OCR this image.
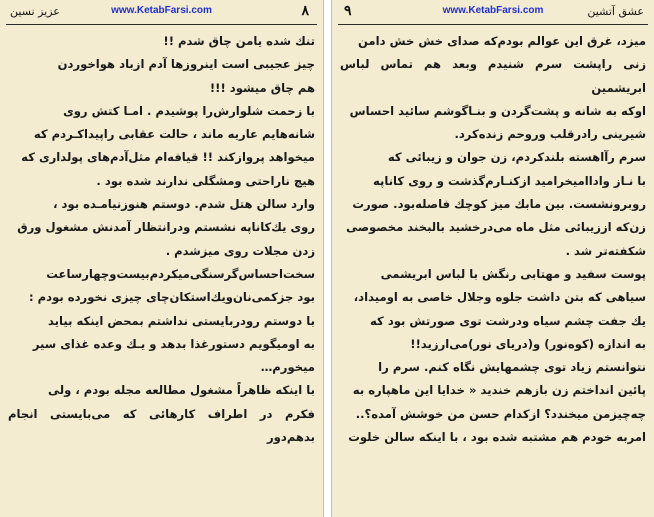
۹	www.KetabFarsi.com	عشق آتشین

میزد، غرق این عوالم بودم‌که صدای خش خش دامن

زنی راپشت سرم شنیدم وبعد هم تماس لباس ابریشمین

اوکه به شانه و پشت‌گردن و بنـاگوشم سائید احساس

شیرینی رادرقلب وروحم زنده‌کرد.

سرم رآاهسته بلندکردم، زن جوان و زیبائی که

با نـاز واداامیخرامید ازکنـارم‌گذشت و روی کاناپه

روبرونشست. بین مابك میز کوچك فاصله‌بود. صورت

زن‌که اززیبائی مثل ماه می‌درخشید بالبخند مخصوصی

شکفته‌تر شد .

پوست سفید و مهتابی رنگش با لباس ابریشمی

سیاهی که بتن داشت جلوه وجلال خاصی به اوميداد،

یك جفت چشم سیاه ودرشت توی صورتش بود که

به اندازه (کوه‌نور) و(دریای نور)می‌ارزید!!

نتوانستم زیاد توی چشمهایش نگاه کنم. سرم را

پائین انداختم زن بازهم خندید « خدایا این ماهپاره به

چه‌چیزمن میخندد؟ ازکدام حسن من خوشش آمده؟..

امربه خودم هم مشتبه شده بود ، با اینکه سالن خلوت

۸
www.KetabFarsi.com
عزیز نسین

تنك شده یامن چاق شدم !!

چیز عجیبی است اینروزها آدم ازباد هواخوردن

هم چاق میشود !!!

با زحمت شلوارش‌را پوشیدم . امـا کتش روی

شانه‌هایم عاریه ماند ، حالت عقابی راپیداکـردم که

میخواهد پروازکند !! قیافه‌ام مثل‌آدم‌های پولداری که

هیچ ناراحتی ومشگلی ندارند شده بود .

وارد سالن هتل شدم. دوستم هنوزنیامـده بود ،

روی یك‌کاناپه نشستم ودرانتظار آمدنش مشغول ورق

زدن مجلات روی میزشدم .

سخت‌احساس‌گرسنگی‌میکردم‌بیست‌وچهارساعت

بود جز‌کمی‌نان‌ویك‌استکان‌چای‌ چیزی نخورده بودم :

با دوستم رودربایستی نداشتم بمحض اینکه بیاید

به اومیگویم دستورغذا بدهد و یـك وعده غذای سیر

میخورم…

با اینکه ظاهراً مشغول مطالعه مجله بودم ، ولی

فکرم در اطراف کارهائی که می‌بایستی انجام بدهم‌دور
